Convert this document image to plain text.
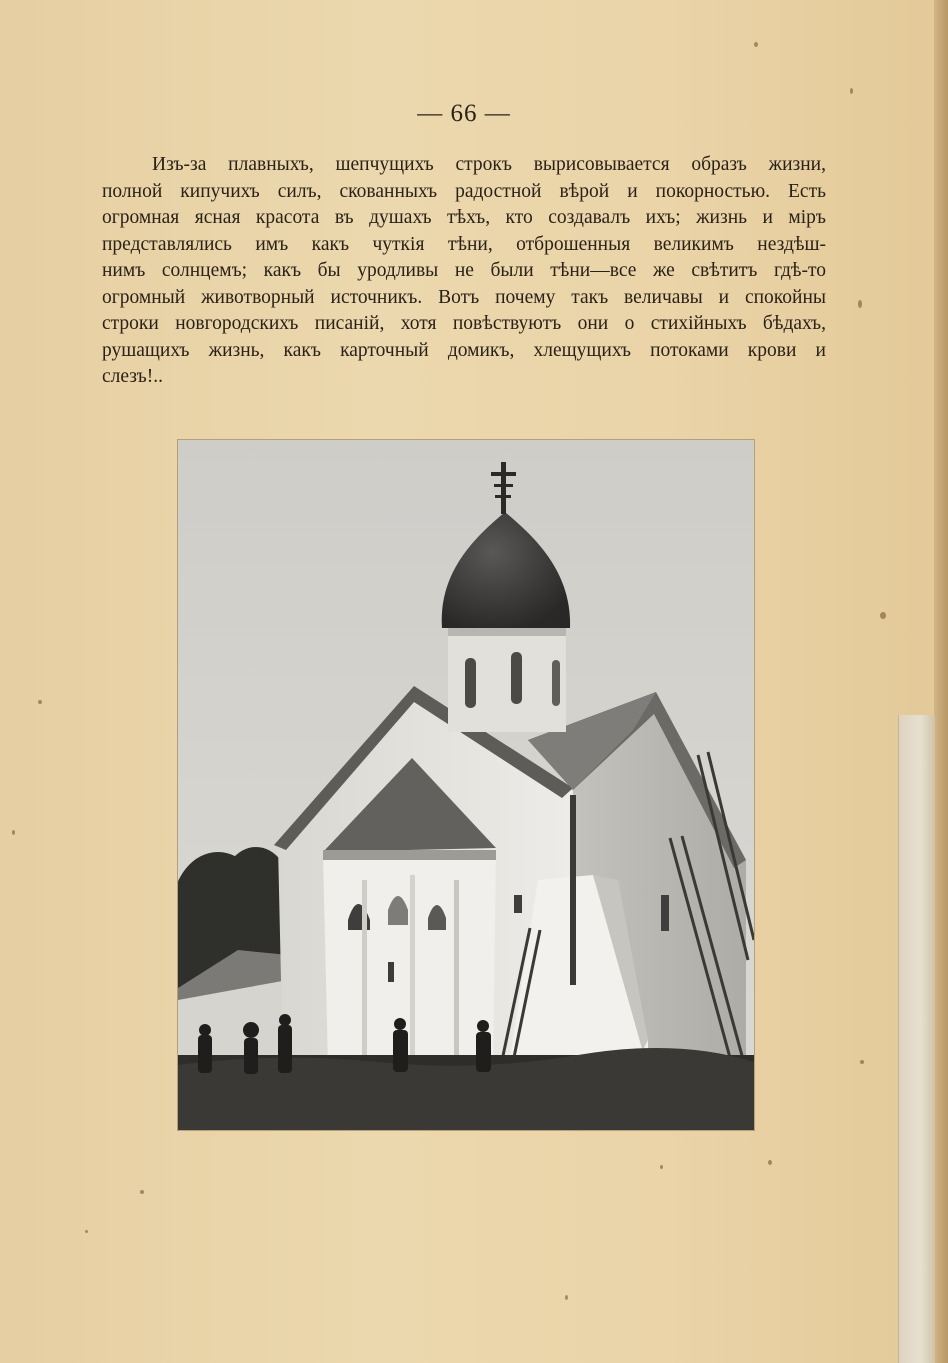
— 66 —
Изъ-за плавныхъ, шепчущихъ строкъ вырисовывается образъ жизни,
полной кипучихъ силъ, скованныхъ радостной вѣрой и покорностью. Есть
огромная ясная красота въ душахъ тѣхъ, кто создавалъ ихъ; жизнь и міръ
представлялись имъ какъ чуткія тѣни, отброшенныя великимъ нездѣш-
нимъ солнцемъ; какъ бы уродливы не были тѣни—все же свѣтитъ гдѣ-то
огромный животворный источникъ. Вотъ почему такъ величавы и спокойны
строки новгородскихъ писаній, хотя повѣствуютъ они о стихійныхъ бѣдахъ,
рушащихъ жизнь, какъ карточный домикъ, хлещущихъ потоками крови и
слезъ!..
